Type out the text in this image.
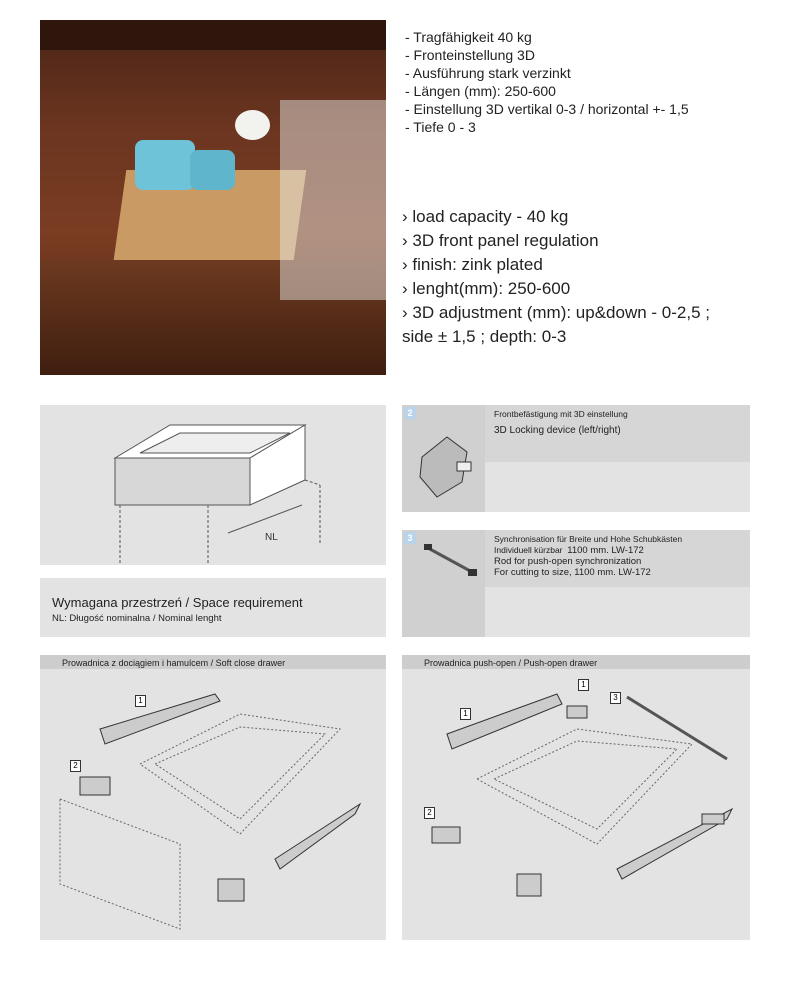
- Tragfähigkeit 40 kg
- Fronteinstellung 3D
- Ausführung stark verzinkt
- Längen (mm): 250-600
- Einstellung 3D vertikal 0-3 / horizontal +- 1,5
- Tiefe 0 - 3
› load capacity - 40 kg
› 3D front panel regulation
› finish: zink plated
› lenght(mm): 250-600
› 3D adjustment (mm): up&down - 0-2,5 ;
side ± 1,5 ; depth: 0-3
NL
Wymagana przestrzeń / Space requirement
NL: Długość nominalna / Nominal lenght
2	Frontbefästigung mit 3D einstellung
3D Locking device (left/right)
3	Synchronisation für Breite und Hohe Schubkästen
Individuell kürzbar 1100 mm. LW-172
Rod for push-open synchronization
For cutting to size, 1100 mm. LW-172
Prowadnica z dociągiem i hamulcem / Soft close drawer
1
2
Prowadnica push-open / Push-open drawer
1
1
3
2
